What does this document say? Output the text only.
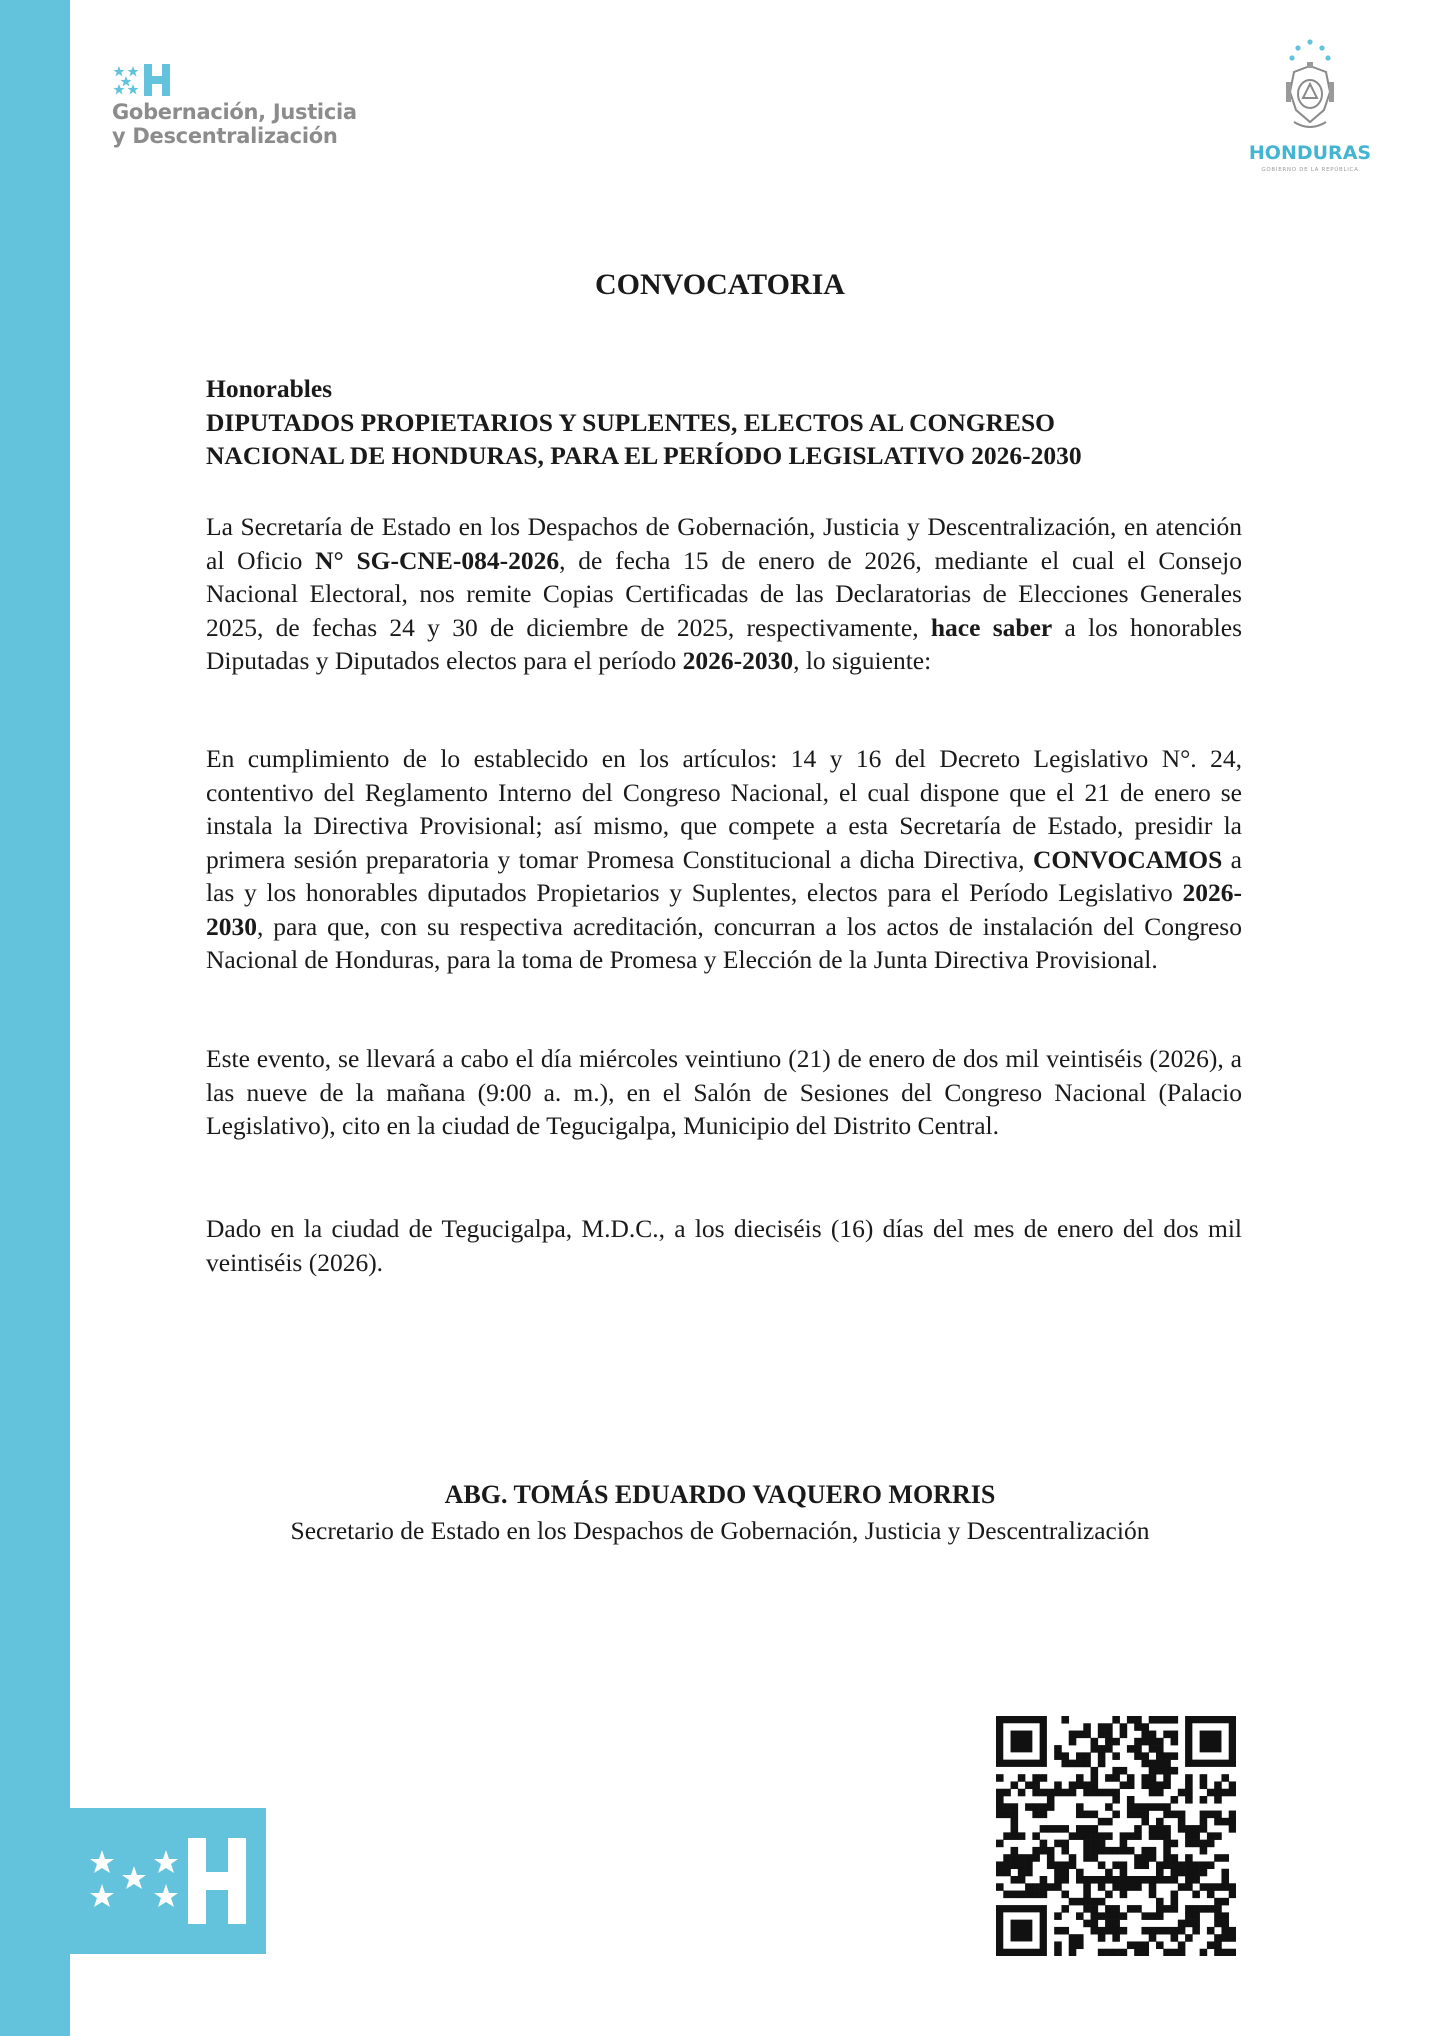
Gobernación, Justicia
y Descentralización
HONDURAS
GOBIERNO DE LA REPÚBLICA
CONVOCATORIA
Honorables
DIPUTADOS PROPIETARIOS Y SUPLENTES, ELECTOS AL CONGRESO
NACIONAL DE HONDURAS, PARA EL PERÍODO LEGISLATIVO 2026-2030
La Secretaría de Estado en los Despachos de Gobernación, Justicia y Descentralización, en atención al Oficio N° SG-CNE-084-2026, de fecha 15 de enero de 2026, mediante el cual el Consejo Nacional Electoral, nos remite Copias Certificadas de las Declaratorias de Elecciones Generales 2025, de fechas 24 y 30 de diciembre de 2025, respectivamente, hace saber a los honorables Diputadas y Diputados electos para el período 2026-2030, lo siguiente:
En cumplimiento de lo establecido en los artículos: 14 y 16 del Decreto Legislativo N°. 24, contentivo del Reglamento Interno del Congreso Nacional, el cual dispone que el 21 de enero se instala la Directiva Provisional; así mismo, que compete a esta Secretaría de Estado, presidir la primera sesión preparatoria y tomar Promesa Constitucional a dicha Directiva, CONVOCAMOS a las y los honorables diputados Propietarios y Suplentes, electos para el Período Legislativo 2026-2030, para que, con su respectiva acreditación, concurran a los actos de instalación del Congreso Nacional de Honduras, para la toma de Promesa y Elección de la Junta Directiva Provisional.
Este evento, se llevará a cabo el día miércoles veintiuno (21) de enero de dos mil veintiséis (2026), a las nueve de la mañana (9:00 a. m.), en el Salón de Sesiones del Congreso Nacional (Palacio Legislativo), cito en la ciudad de Tegucigalpa, Municipio del Distrito Central.
Dado en la ciudad de Tegucigalpa, M.D.C., a los dieciséis (16) días del mes de enero del dos mil veintiséis (2026).
ABG. TOMÁS EDUARDO VAQUERO MORRIS
Secretario de Estado en los Despachos de Gobernación, Justicia y Descentralización
